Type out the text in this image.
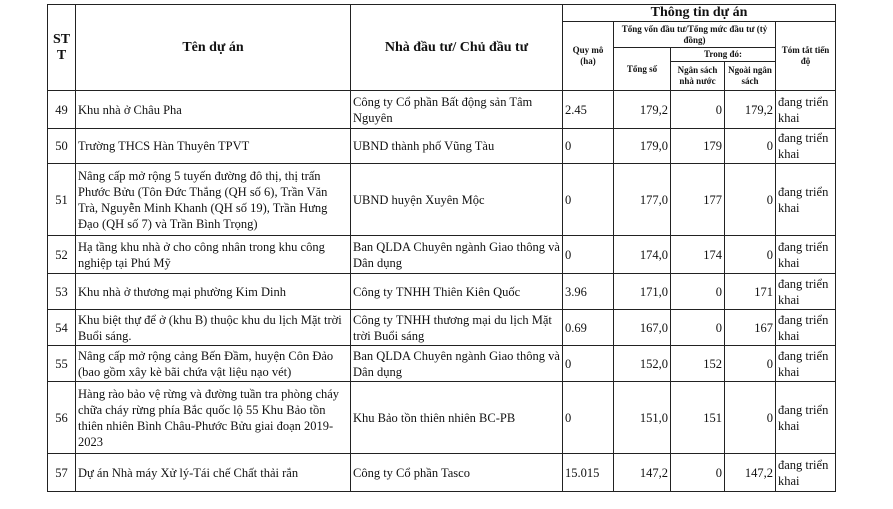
ST T	Tên dự án	Nhà đầu tư/ Chủ đầu tư	Thông tin dự án				
			Quy mô (ha)	Tổng vốn đầu tư/Tổng mức đầu tư (tỷ đồng)			Tóm tắt tiến độ
				Tổng số	Trong đó:		
					Ngân sách nhà nước	Ngoài ngân sách	
49	Khu nhà ở Châu Pha	Công ty Cổ phần Bất động sản Tâm Nguyên	2.45	179,2	0	179,2	đang triển khai
50	Trường THCS Hàn Thuyên TPVT	UBND thành phố Vũng Tàu	0	179,0	179	0	đang triển khai
51	Nâng cấp mở rộng 5 tuyến đường đô thị, thị trấn Phước Bửu (Tôn Đức Thắng (QH số 6), Trần Văn Trà, Nguyễn Minh Khanh (QH số 19), Trần Hưng Đạo (QH số 7) và Trần Bình Trọng)	UBND huyện Xuyên Mộc	0	177,0	177	0	đang triển khai
52	Hạ tầng khu nhà ở cho công nhân trong khu công nghiệp tại Phú Mỹ	Ban QLDA Chuyên ngành Giao thông và Dân dụng	0	174,0	174	0	đang triển khai
53	Khu nhà ở thương mại phường Kim Dinh	Công ty TNHH Thiên Kiên Quốc	3.96	171,0	0	171	đang triển khai
54	Khu biệt thự để ở (khu B) thuộc khu du lịch Mặt trời Buổi sáng.	Công ty TNHH thương mại du lịch Mặt trời Buổi sáng	0.69	167,0	0	167	đang triển khai
55	Nâng cấp mở rộng cảng Bến Đầm, huyện Côn Đảo (bao gồm xây kè bãi chứa vật liệu nạo vét)	Ban QLDA Chuyên ngành Giao thông và Dân dụng	0	152,0	152	0	đang triển khai
56	Hàng rào bảo vệ rừng và đường tuần tra phòng cháy chữa cháy rừng phía Bắc quốc lộ 55 Khu Bảo tồn thiên nhiên Bình Châu-Phước Bửu giai đoạn 2019-2023	Khu Bảo tồn thiên nhiên BC-PB	0	151,0	151	0	đang triển khai
57	Dự án Nhà máy Xử lý-Tái chế Chất thải rắn	Công ty Cổ phần Tasco	15.015	147,2	0	147,2	đang triển khai
